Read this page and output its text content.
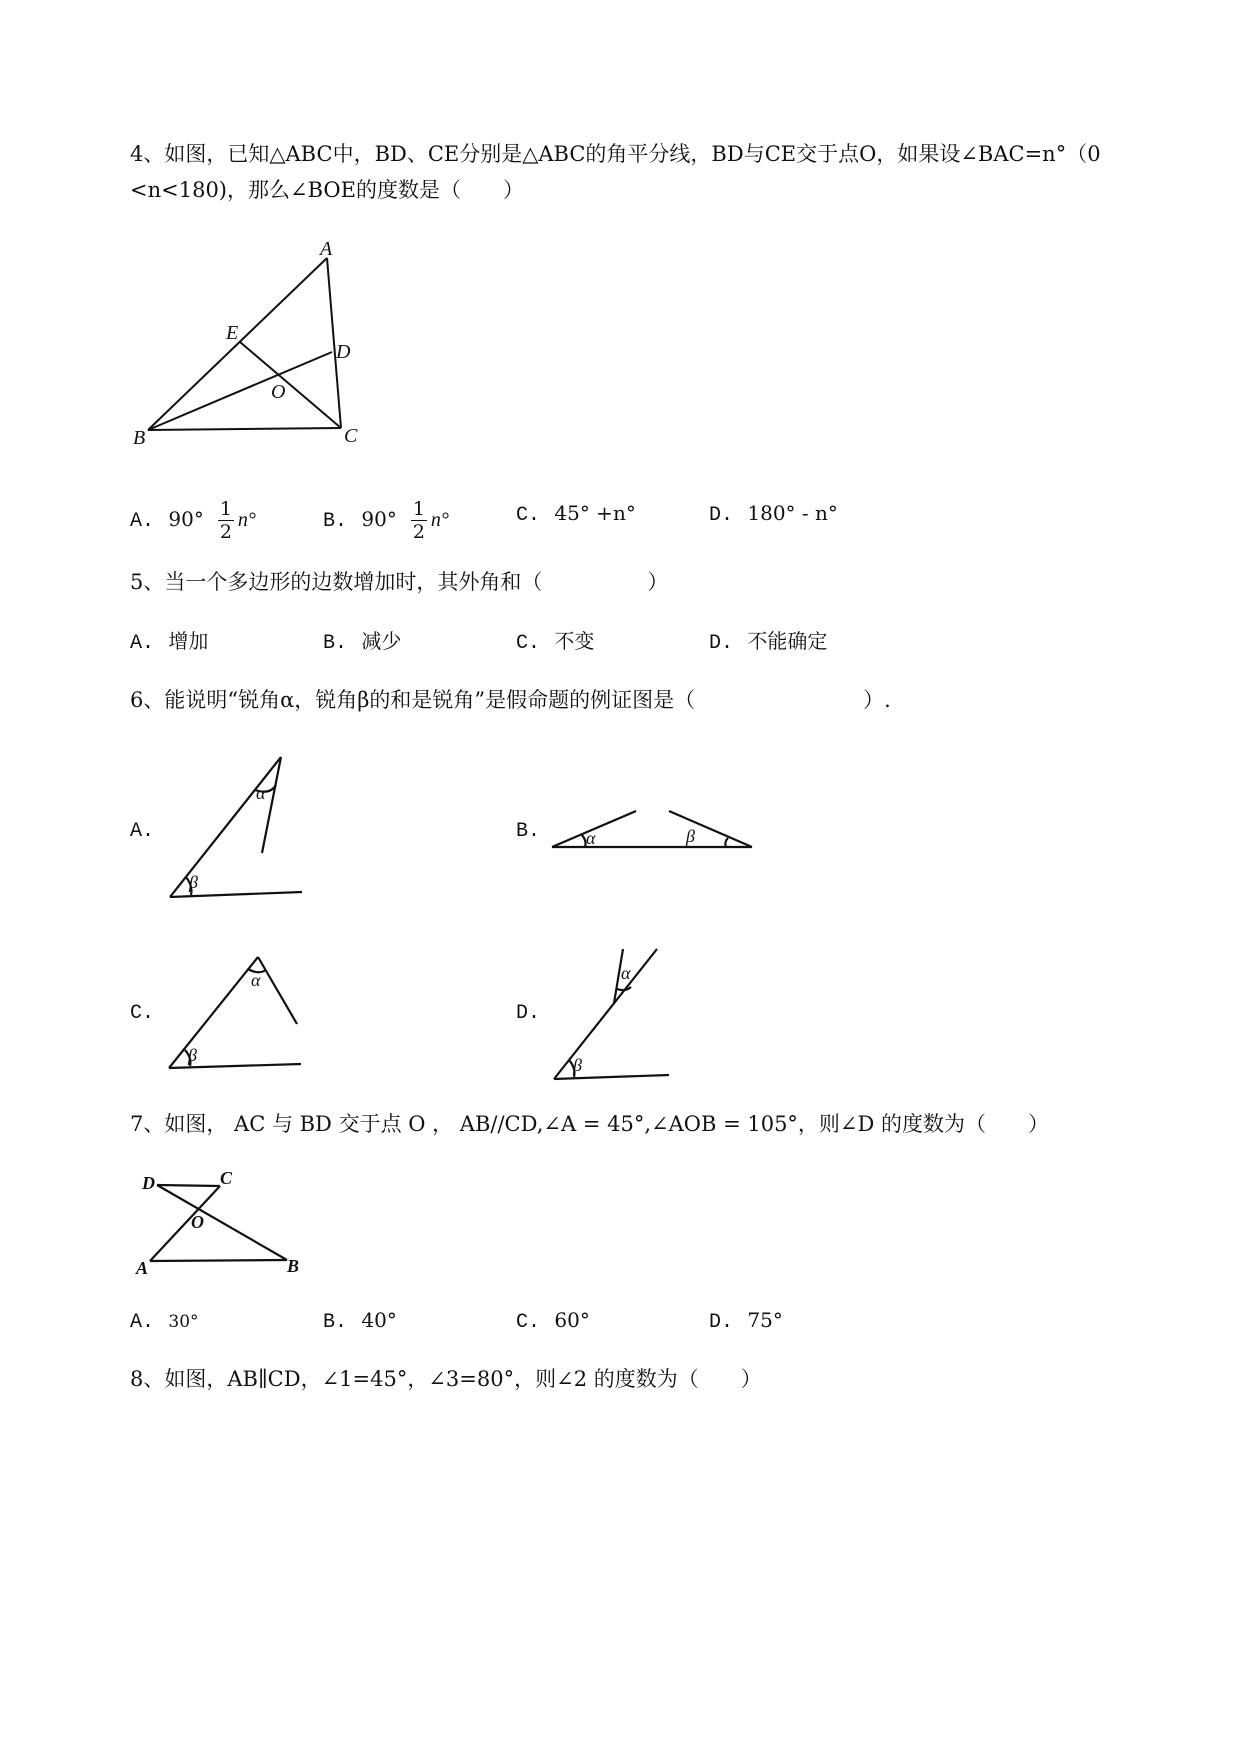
4、如图，已知△ABC中，BD、CE分别是△ABC的角平分线，BD与CE交于点O，如果设∠BAC=n°（0
<n<180)，那么∠BOE的度数是（　　）
A
B	C
D
E
O
A. $90^\circ \frac{1}{2} n^\circ$	B. $90^\circ \frac{1}{2} n^\circ$	C. 45° +n°	D. 180° - n°
5、当一个多边形的边数增加时，其外角和（　　　　　）
A. 增加	B. 减少	C. 不变	D. 不能确定
6、能说明“锐角α，锐角β的和是锐角”是假命题的例证图是（　　　　　　　　）.
A.
α
β
B.	α	β
C.
α
β
D.
α
β
7、如图， AC 与 BD 交于点 O ， AB//CD,∠A = 45°,∠AOB = 105°，则∠D 的度数为（　　）
D	C
O
A	B
A. 30°	B. 40°	C. 60°	D. 75°
8、如图，AB∥CD，∠1=45°，∠3=80°，则∠2 的度数为（　　）
